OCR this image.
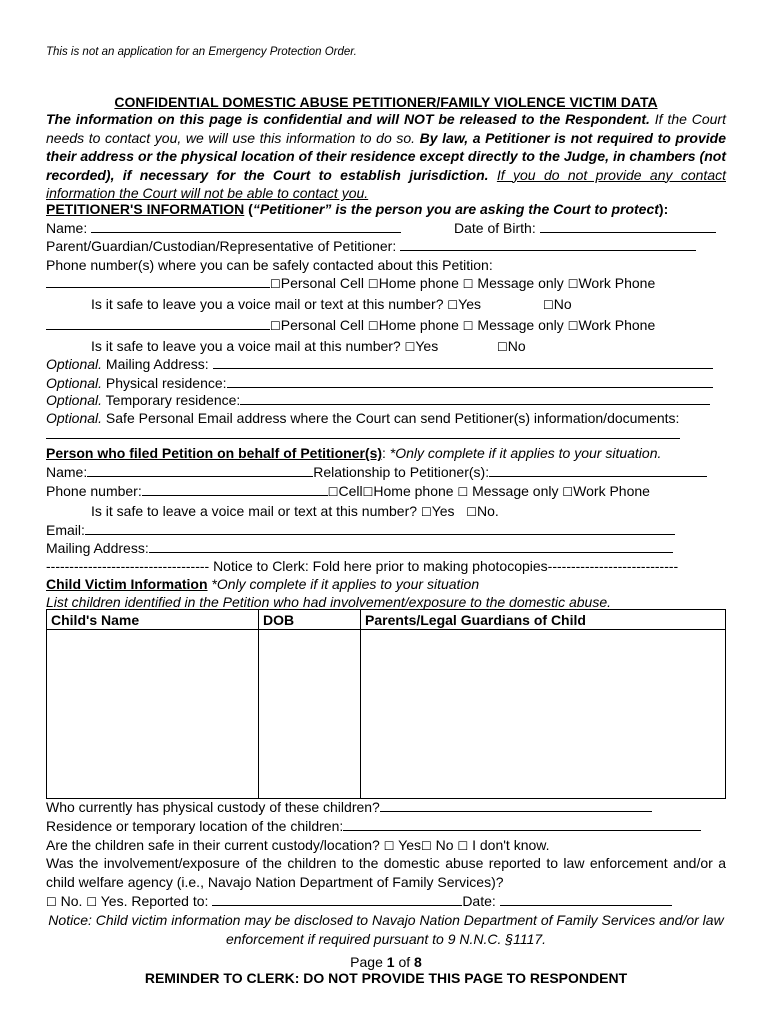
This is not an application for an Emergency Protection Order.
CONFIDENTIAL DOMESTIC ABUSE PETITIONER/FAMILY VIOLENCE VICTIM DATA
The information on this page is confidential and will NOT be released to the Respondent. If the Court needs to contact you, we will use this information to do so. By law, a Petitioner is not required to provide their address or the physical location of their residence except directly to the Judge, in chambers (not recorded), if necessary for the Court to establish jurisdiction. If you do not provide any contact information the Court will not be able to contact you.
PETITIONER'S INFORMATION (“Petitioner” is the person you are asking the Court to protect):
Name:	Date of Birth:
Parent/Guardian/Custodian/Representative of Petitioner:
Phone number(s) where you can be safely contacted about this Petition:
☐Personal Cell ☐Home phone ☐ Message only ☐Work Phone
Is it safe to leave you a voice mail or text at this number? ☐Yes	☐No
☐Personal Cell ☐Home phone ☐ Message only ☐Work Phone
Is it safe to leave you a voice mail at this number? ☐Yes	☐No
Optional. Mailing Address:
Optional. Physical residence:
Optional. Temporary residence:
Optional. Safe Personal Email address where the Court can send Petitioner(s) information/documents:
Person who filed Petition on behalf of Petitioner(s): *Only complete if it applies to your situation.
Name:	Relationship to Petitioner(s):
Phone number:	☐Cell☐Home phone ☐ Message only ☐Work Phone
Is it safe to leave a voice mail or text at this number? ☐Yes ☐No.
Email:
Mailing Address:
----------------------------------- Notice to Clerk: Fold here prior to making photocopies----------------------------
Child Victim Information *Only complete if it applies to your situation
List children identified in the Petition who had involvement/exposure to the domestic abuse.
Child's Name	DOB	Parents/Legal Guardians of Child

Who currently has physical custody of these children?
Residence or temporary location of the children:
Are the children safe in their current custody/location? ☐ Yes☐ No ☐ I don't know.
Was the involvement/exposure of the children to the domestic abuse reported to law enforcement and/or a child welfare agency (i.e., Navajo Nation Department of Family Services)?
☐ No. ☐ Yes. Reported to:	Date:
Notice: Child victim information may be disclosed to Navajo Nation Department of Family Services and/or law enforcement if required pursuant to 9 N.N.C. §1117.
Page 1 of 8
REMINDER TO CLERK: DO NOT PROVIDE THIS PAGE TO RESPONDENT
